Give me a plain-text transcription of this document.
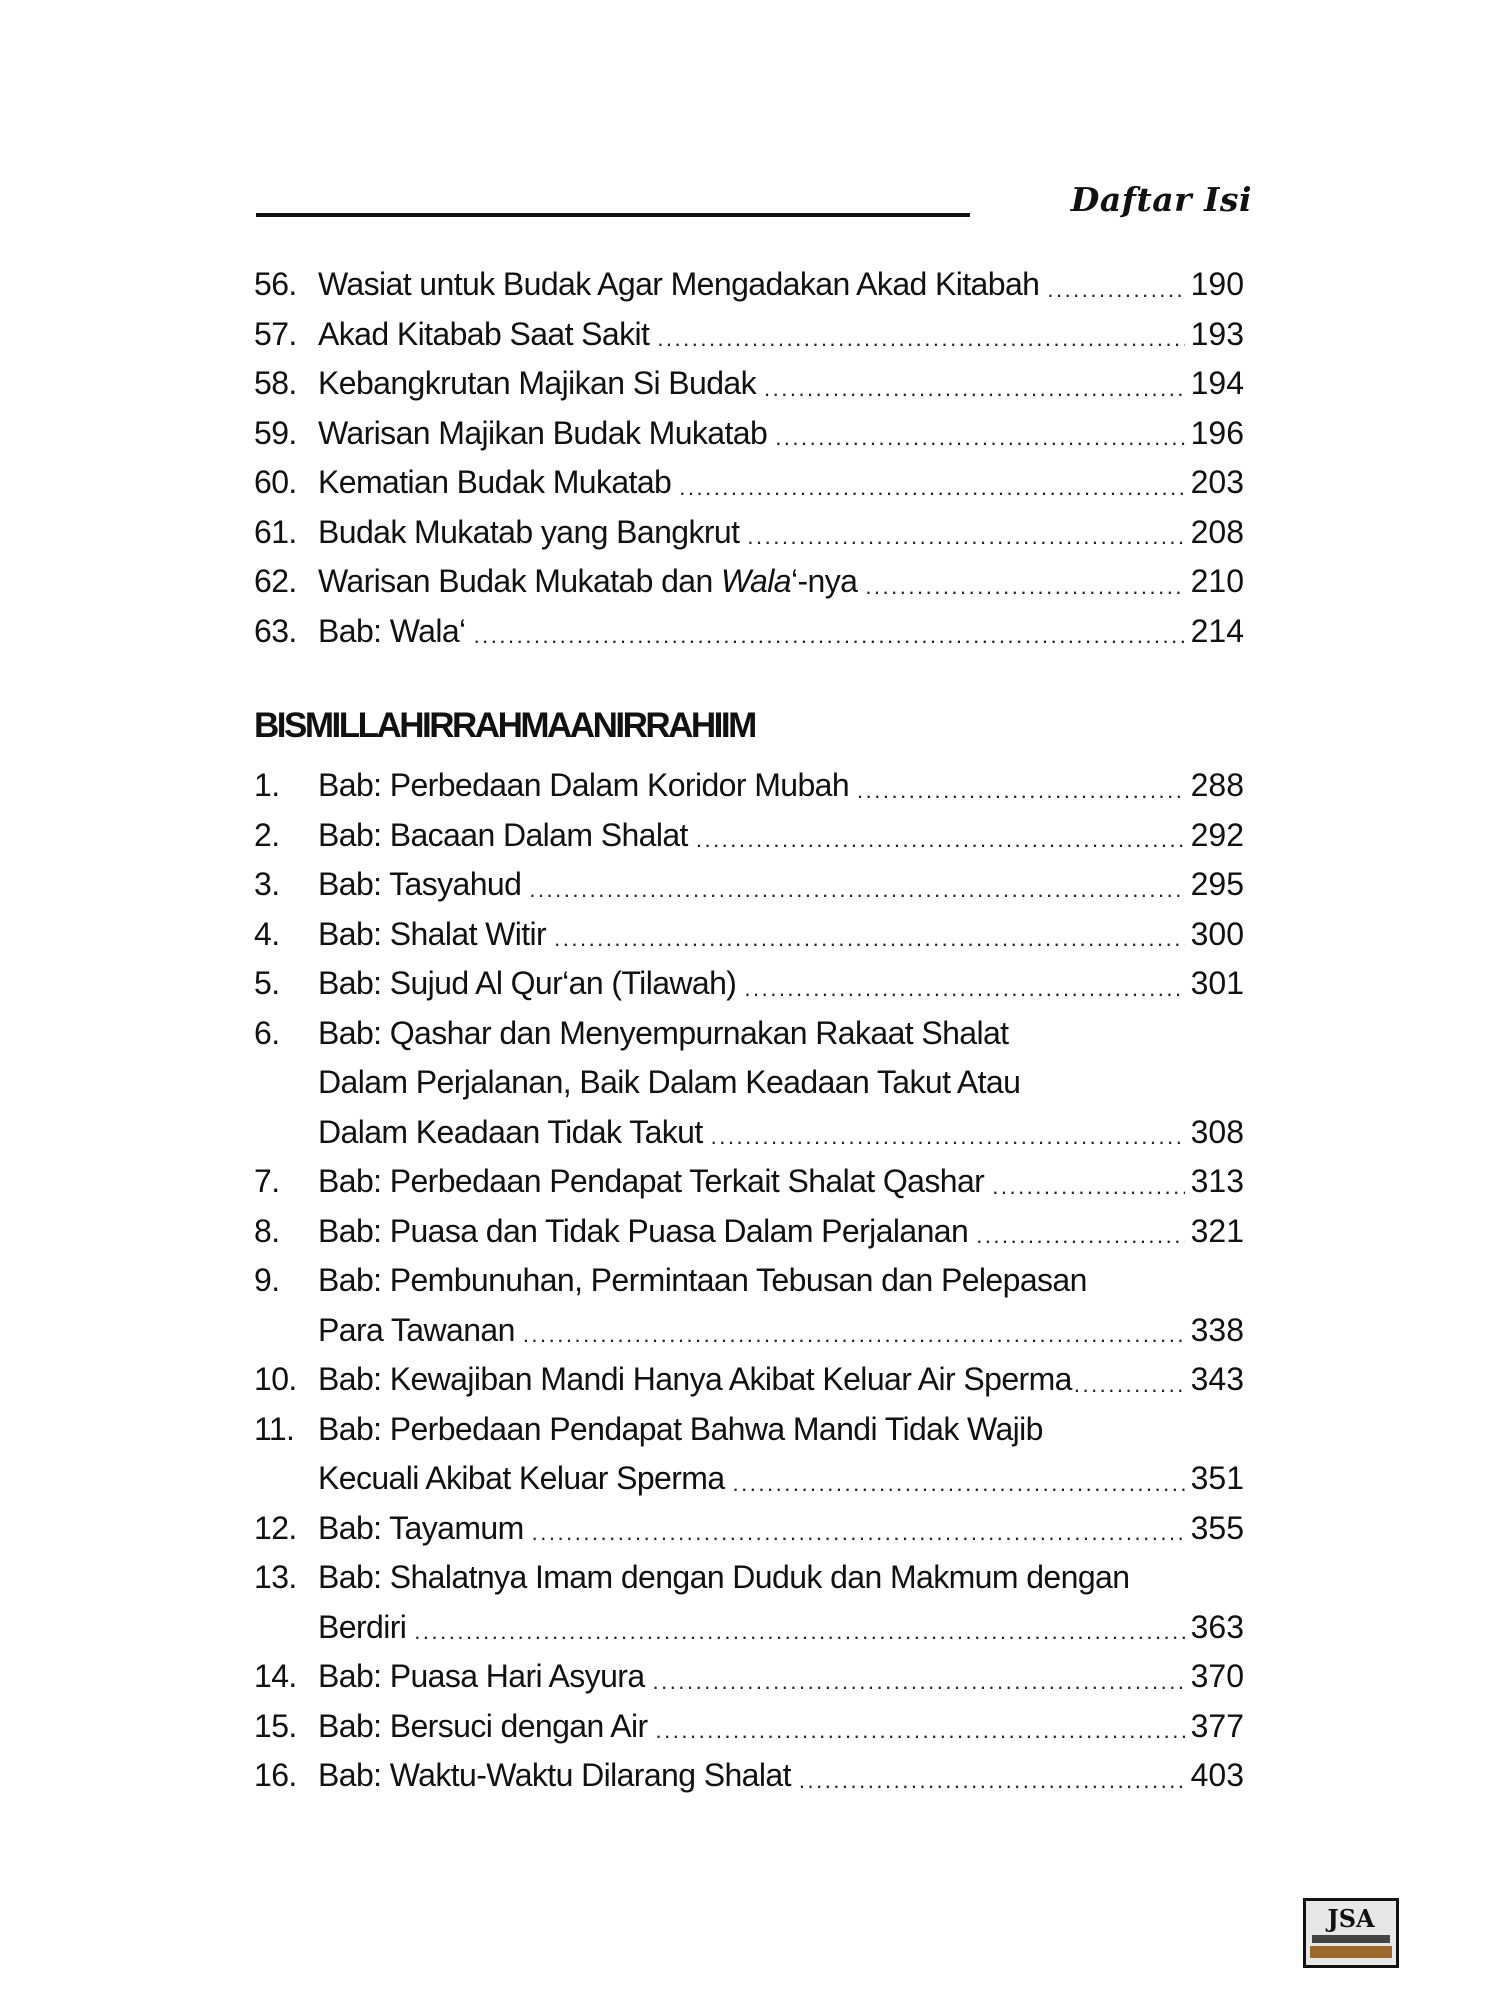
Daftar Isi
56. Wasiat untuk Budak Agar Mengadakan Akad Kitabah .....	190
57. Akad Kitabab Saat Sakit .....	193
58. Kebangkrutan Majikan Si Budak .....	194
59. Warisan Majikan Budak Mukatab .....	196
60. Kematian Budak Mukatab .....	203
61. Budak Mukatab yang Bangkrut .....	208
62. Warisan Budak Mukatab dan Wala‘-nya .....	210
63. Bab: Wala‘ .....	214
BISMILLAHIRRAHMAANIRRAHIIM
1.	Bab: Perbedaan Dalam Koridor Mubah .....	288
2.	Bab: Bacaan Dalam Shalat .....	292
3.	Bab: Tasyahud .....	295
4.	Bab: Shalat Witir .....	300
5.	Bab: Sujud Al Qur‘an (Tilawah) .....	301
6.	Bab: Qashar dan Menyempurnakan Rakaat Shalat
Dalam Perjalanan, Baik Dalam Keadaan Takut Atau
Dalam Keadaan Tidak Takut .....	308
7.	Bab: Perbedaan Pendapat Terkait Shalat Qashar .....	313
8.	Bab: Puasa dan Tidak Puasa Dalam Perjalanan .....	321
9.	Bab: Pembunuhan, Permintaan Tebusan dan Pelepasan
Para Tawanan .....	338
10. Bab: Kewajiban Mandi Hanya Akibat Keluar Air Sperma .....	343
11. Bab: Perbedaan Pendapat Bahwa Mandi Tidak Wajib
Kecuali Akibat Keluar Sperma .....	351
12. Bab: Tayamum .....	355
13. Bab: Shalatnya Imam dengan Duduk dan Makmum dengan
Berdiri .....	363
14. Bab: Puasa Hari Asyura .....	370
15. Bab: Bersuci dengan Air .....	377
16. Bab: Waktu-Waktu Dilarang Shalat .....	403
JSA
